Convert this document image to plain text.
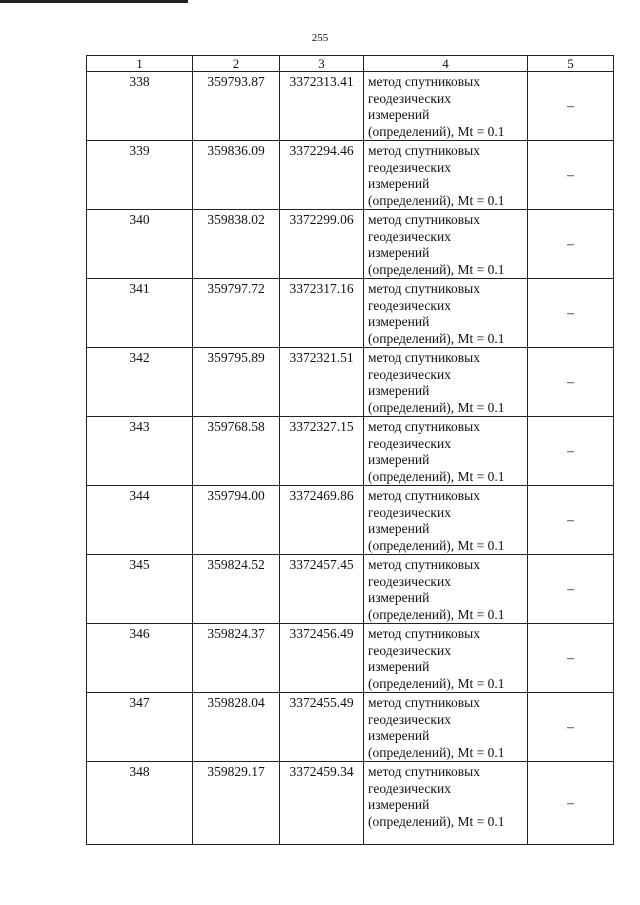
255
1	2	3	4	5
338	359793.87	3372313.41	метод спутниковых
геодезических
измерений
(определений), Mt = 0.1	–
339	359836.09	3372294.46	метод спутниковых
геодезических
измерений
(определений), Mt = 0.1	–
340	359838.02	3372299.06	метод спутниковых
геодезических
измерений
(определений), Mt = 0.1	–
341	359797.72	3372317.16	метод спутниковых
геодезических
измерений
(определений), Mt = 0.1	–
342	359795.89	3372321.51	метод спутниковых
геодезических
измерений
(определений), Mt = 0.1	–
343	359768.58	3372327.15	метод спутниковых
геодезических
измерений
(определений), Mt = 0.1	–
344	359794.00	3372469.86	метод спутниковых
геодезических
измерений
(определений), Mt = 0.1	–
345	359824.52	3372457.45	метод спутниковых
геодезических
измерений
(определений), Mt = 0.1	–
346	359824.37	3372456.49	метод спутниковых
геодезических
измерений
(определений), Mt = 0.1	–
347	359828.04	3372455.49	метод спутниковых
геодезических
измерений
(определений), Mt = 0.1	–
348	359829.17	3372459.34	метод спутниковых
геодезических
измерений
(определений), Mt = 0.1	–
